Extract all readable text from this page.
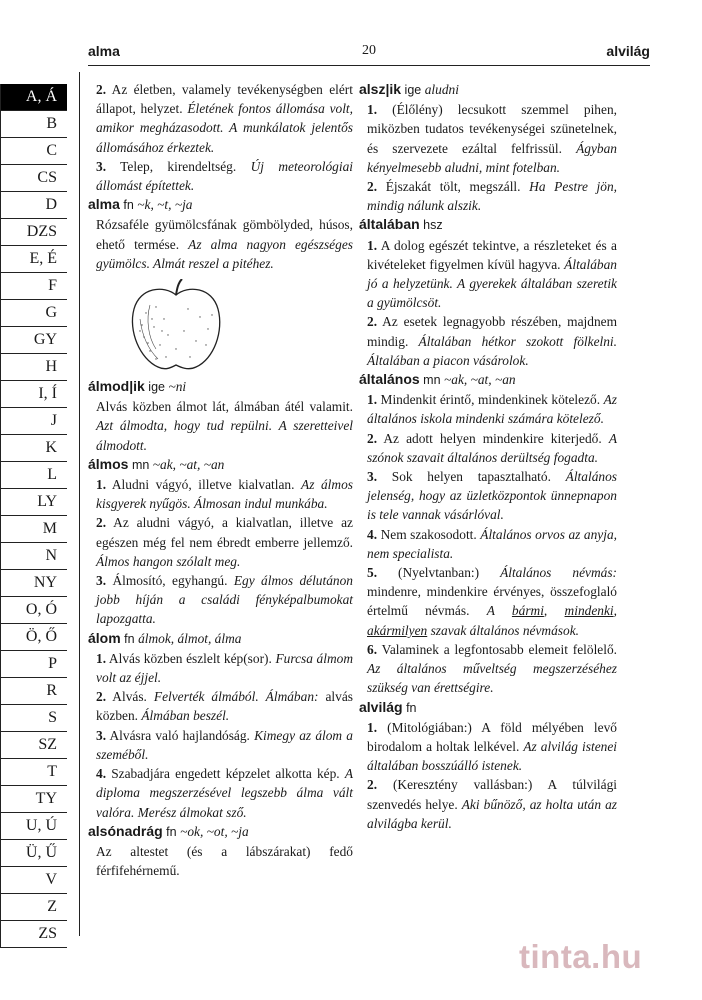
alma	20	alvilág
A, Á
B
C
CS
D
DZS
E, É
F
G
GY
H
I, Í
J
K
L
LY
M
N
NY
O, Ó
Ö, Ő
P
R
S
SZ
T
TY
U, Ú
Ü, Ű
V
Z
ZS

2. Az életben, valamely tevékenységben elért állapot, helyzet. Életének fontos állomása volt, amikor megházasodott. A munkálatok jelentős állomásához érkeztek.

3. Telep, kirendeltség. Új meteorológiai állomást építettek.

alma fn ~k, ~t, ~ja

Rózsaféle gyümölcsfának gömbölyded, húsos, ehető termése. Az alma nagyon egészséges gyümölcs. Almát reszel a pitéhez.

álmod|ik ige ~ni

Alvás közben álmot lát, álmában átél valamit. Azt álmodta, hogy tud repülni. A szeretteivel álmodott.

álmos mn ~ak, ~at, ~an

1. Aludni vágyó, illetve kialvatlan. Az álmos kisgyerek nyűgös. Álmosan indul munkába.

2. Az aludni vágyó, a kialvatlan, illetve az egészen még fel nem ébredt emberre jellemző. Álmos hangon szólalt meg.

3. Álmosító, egyhangú. Egy álmos délutánon jobb híján a családi fényképalbumokat lapozgatta.

álom fn álmok, álmot, álma

1. Alvás közben észlelt kép(sor). Furcsa álmom volt az éjjel.

2. Alvás. Felverték álmából. Álmában: alvás közben. Álmában beszél.

3. Alvásra való hajlandóság. Kimegy az álom a szeméből.

4. Szabadjára engedett képzelet alkotta kép. A diploma megszerzésével legszebb álma vált valóra. Merész álmokat sző.

alsónadrág fn ~ok, ~ot, ~ja

Az altestet (és a lábszárakat) fedő férfifehérnemű.

alsz|ik ige aludni

1. (Élőlény) lecsukott szemmel pihen, miközben tudatos tevékenységei szünetelnek, és szervezete ezáltal felfrissül. Ágyban kényelmesebb aludni, mint fotelban.

2. Éjszakát tölt, megszáll. Ha Pestre jön, mindig nálunk alszik.

általában hsz

1. A dolog egészét tekintve, a részleteket és a kivételeket figyelmen kívül hagyva. Általában jó a helyzetünk. A gyerekek általában szeretik a gyümölcsöt.

2. Az esetek legnagyobb részében, majdnem mindig. Általában hétkor szokott fölkelni. Általában a piacon vásárolok.

általános mn ~ak, ~at, ~an

1. Mindenkit érintő, mindenkinek kötelező. Az általános iskola mindenki számára kötelező.

2. Az adott helyen mindenkire kiterjedő. A szónok szavait általános derültség fogadta.

3. Sok helyen tapasztalható. Általános jelenség, hogy az üzletközpontok ünnepnapon is tele vannak vásárlóval.

4. Nem szakosodott. Általános orvos az anyja, nem specialista.

5. (Nyelvtanban:) Általános névmás: mindenre, mindenkire érvényes, összefoglaló értelmű névmás. A bármi, mindenki, akármilyen szavak általános névmások.

6. Valaminek a legfontosabb elemeit felölelő. Az általános műveltség megszerzéséhez szükség van érettségire.

alvilág fn

1. (Mitológiában:) A föld mélyében levő birodalom a holtak lelkével. Az alvilág istenei általában bosszúálló istenek.

2. (Keresztény vallásban:) A túlvilági szenvedés helye. Aki bűnöző, az holta után az alvilágba kerül.

tinta.hu
